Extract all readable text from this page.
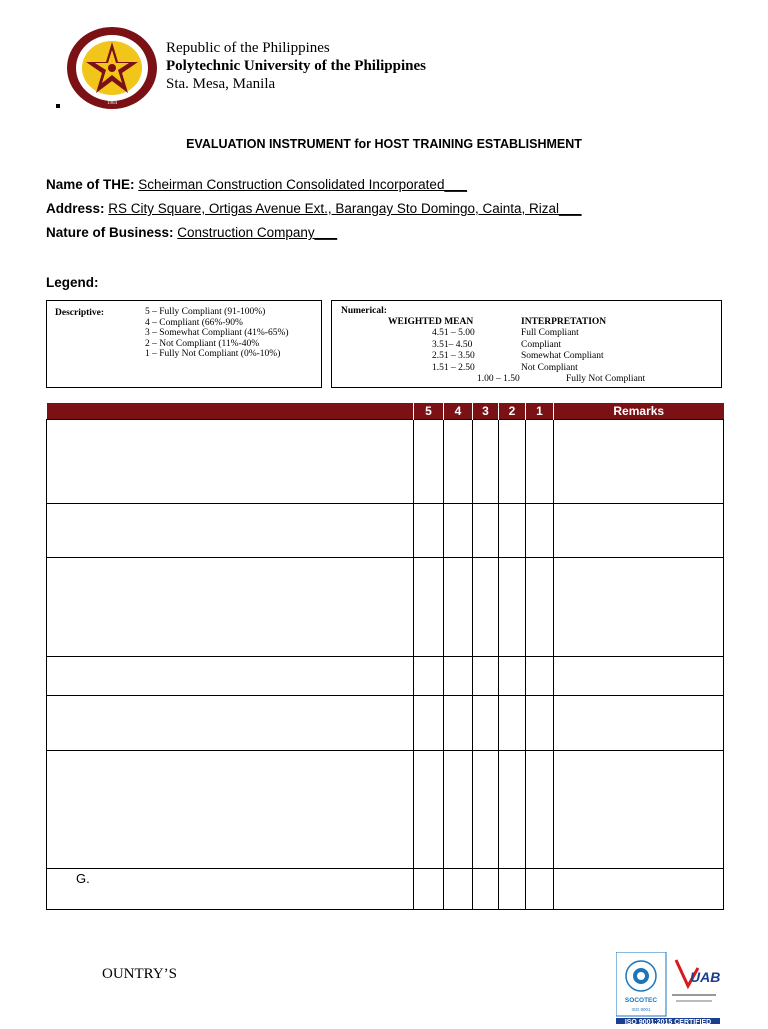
1904
Republic of the Philippines
Polytechnic University of the Philippines
Sta. Mesa, Manila
EVALUATION INSTRUMENT for HOST TRAINING ESTABLISHMENT
Name of THE: Scheirman Construction Consolidated Incorporated___
Address: RS City Square, Ortigas Avenue Ext., Barangay Sto Domingo, Cainta, Rizal___
Nature of Business: Construction Company___
Legend:
Descriptive:	5 – Fully Compliant (91-100%)
4 – Compliant (66%-90%
3 – Somewhat Compliant (41%-65%)
2 – Not Compliant (11%-40%
1 – Fully Not Compliant (0%-10%)
Numerical:
WEIGHTED MEAN	INTERPRETATION
4.51 – 5.00	Full Compliant
3.51– 4.50	Compliant
2.51 – 3.50	Somewhat Compliant
1.51 – 2.50	Not Compliant
1.00 – 1.50	Fully Not Compliant
	5	4	3	2	1	Remarks

G.						
OUNTRY’S
SOCOTEC
ISO 9001
UAB
ISO 9001:2015 CERTIFIED
